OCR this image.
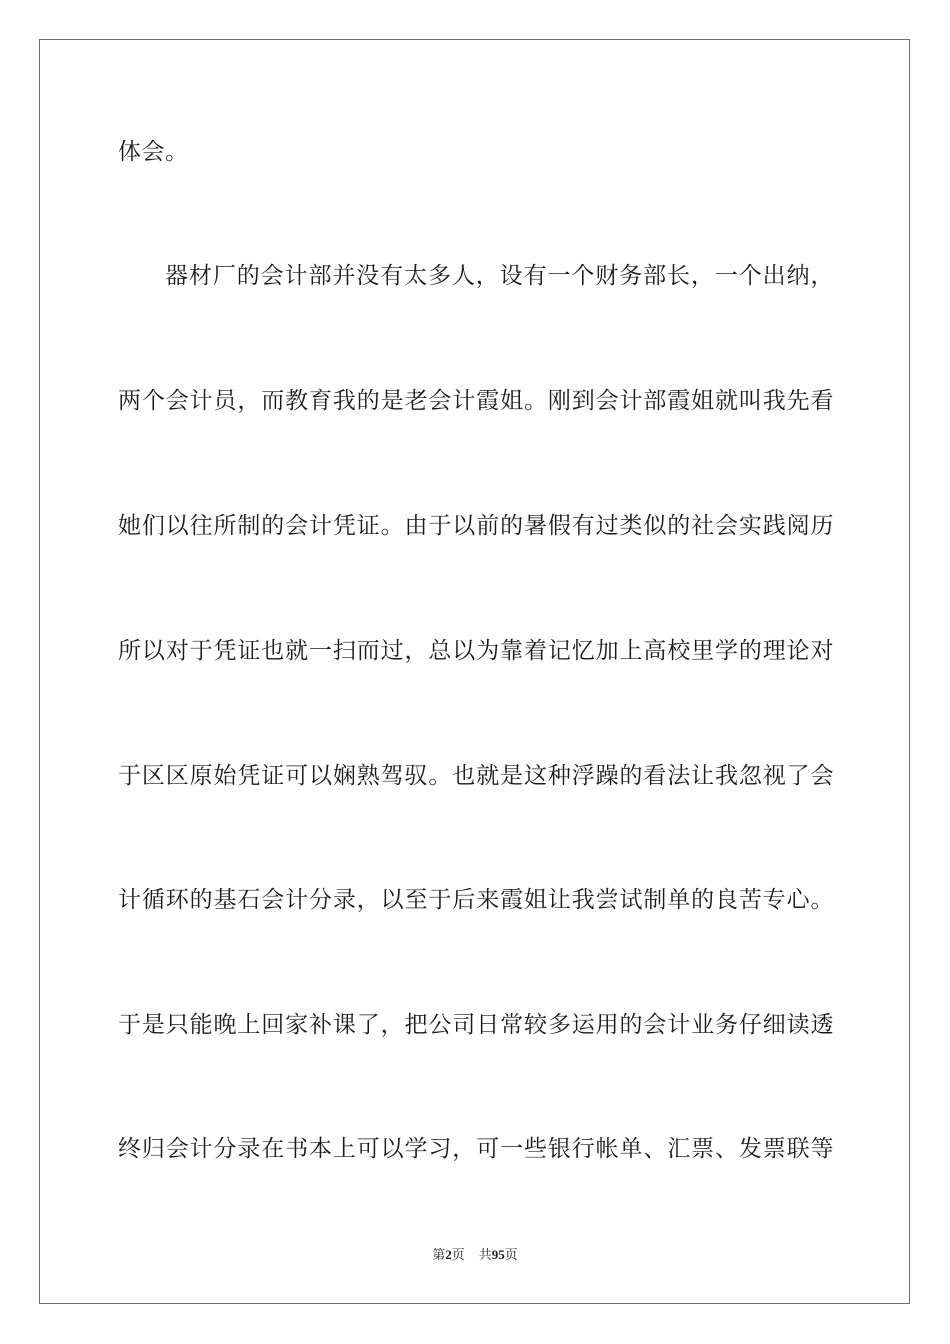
体会。
器材厂的会计部并没有太多人，设有一个财务部长，一个出纳，
两个会计员，而教育我的是老会计霞姐。刚到会计部霞姐就叫我先看
她们以往所制的会计凭证。由于以前的暑假有过类似的社会实践阅历
所以对于凭证也就一扫而过，总以为靠着记忆加上高校里学的理论对
于区区原始凭证可以娴熟驾驭。也就是这种浮躁的看法让我忽视了会
计循环的基石会计分录，以至于后来霞姐让我尝试制单的良苦专心。
于是只能晚上回家补课了，把公司日常较多运用的会计业务仔细读透
终归会计分录在书本上可以学习，可一些银行帐单、汇票、发票联等
第2页 共95页
